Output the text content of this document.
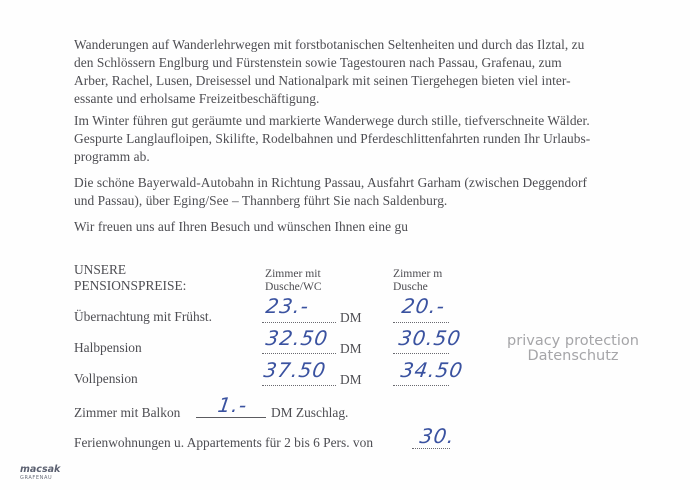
Wanderungen auf Wanderlehrwegen mit forstbotanischen Seltenheiten und durch das Ilztal, zu
den Schlössern Englburg und Fürstenstein sowie Tagestouren nach Passau, Grafenau, zum
Arber, Rachel, Lusen, Dreisessel und Nationalpark mit seinen Tiergehegen bieten viel inter-
essante und erholsame Freizeitbeschäftigung.
Im Winter führen gut geräumte und markierte Wanderwege durch stille, tiefverschneite Wälder.
Gespurte Langlaufloipen, Skilifte, Rodelbahnen und Pferdeschlittenfahrten runden Ihr Urlaubs-
programm ab.
Die schöne Bayerwald-Autobahn in Richtung Passau, Ausfahrt Garham (zwischen Deggendorf
und Passau), über Eging/See – Thannberg führt Sie nach Saldenburg.
Wir freuen uns auf Ihren Besuch und wünschen Ihnen eine gu
UNSERE
PENSIONSPREISE:
Zimmer mit
Dusche/WC
Zimmer m
Dusche
Übernachtung mit Frühst.	23.- DM 20.-
Halbpension	32.50 DM 30.50
Vollpension	37.50 DM 34.50
Zimmer mit Balkon 1.- DM Zuschlag.
Ferienwohnungen u. Appartements für 2 bis 6 Pers. von 30.
privacy protection
Datenschutz
macsak
GRAFENAU
